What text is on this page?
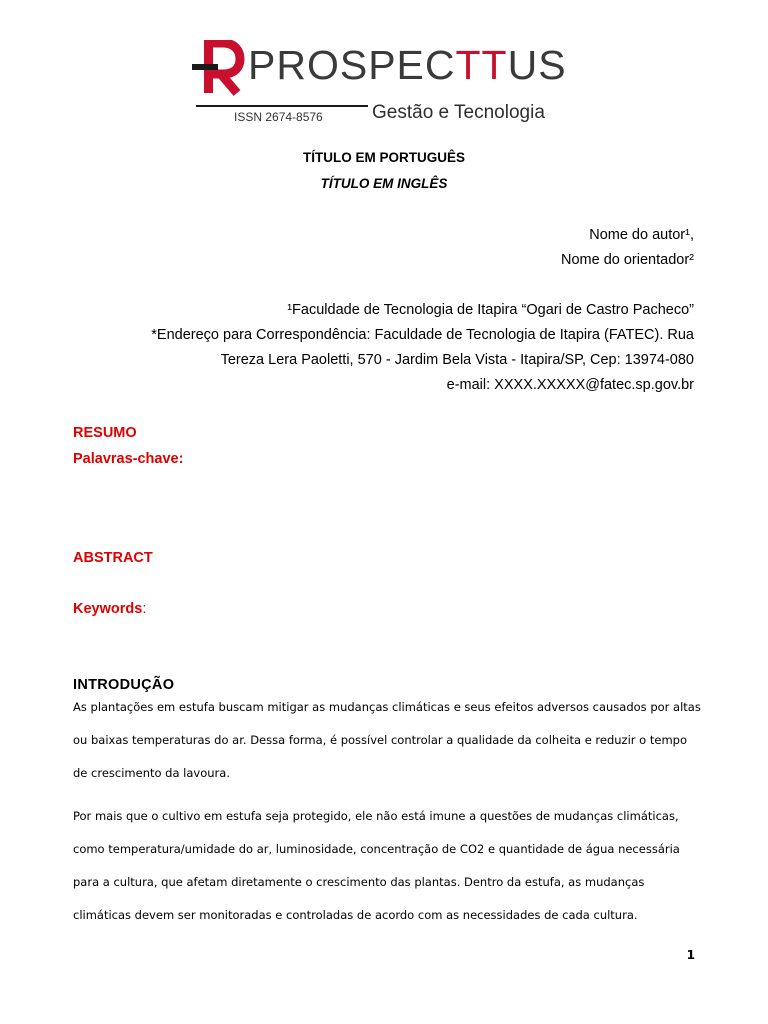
PROSPECTTUS
ISSN 2674-8576	Gestão e Tecnologia
TÍTULO EM PORTUGUÊS
TÍTULO EM INGLÊS
Nome do autor¹,
Nome do orientador²
¹Faculdade de Tecnologia de Itapira “Ogari de Castro Pacheco”
*Endereço para Correspondência: Faculdade de Tecnologia de Itapira (FATEC). Rua
Tereza Lera Paoletti, 570 - Jardim Bela Vista - Itapira/SP, Cep: 13974-080
e-mail: XXXX.XXXXX@fatec.sp.gov.br
RESUMO
Palavras-chave:
ABSTRACT
Keywords:
INTRODUÇÃO

As plantações em estufa buscam mitigar as mudanças climáticas e seus efeitos adversos causados por altas

ou baixas temperaturas do ar. Dessa forma, é possível controlar a qualidade da colheita e reduzir o tempo

de crescimento da lavoura.

Por mais que o cultivo em estufa seja protegido, ele não está imune a questões de mudanças climáticas,

como temperatura/umidade do ar, luminosidade, concentração de CO2 e quantidade de água necessária

para a cultura, que afetam diretamente o crescimento das plantas. Dentro da estufa, as mudanças

climáticas devem ser monitoradas e controladas de acordo com as necessidades de cada cultura.

1
